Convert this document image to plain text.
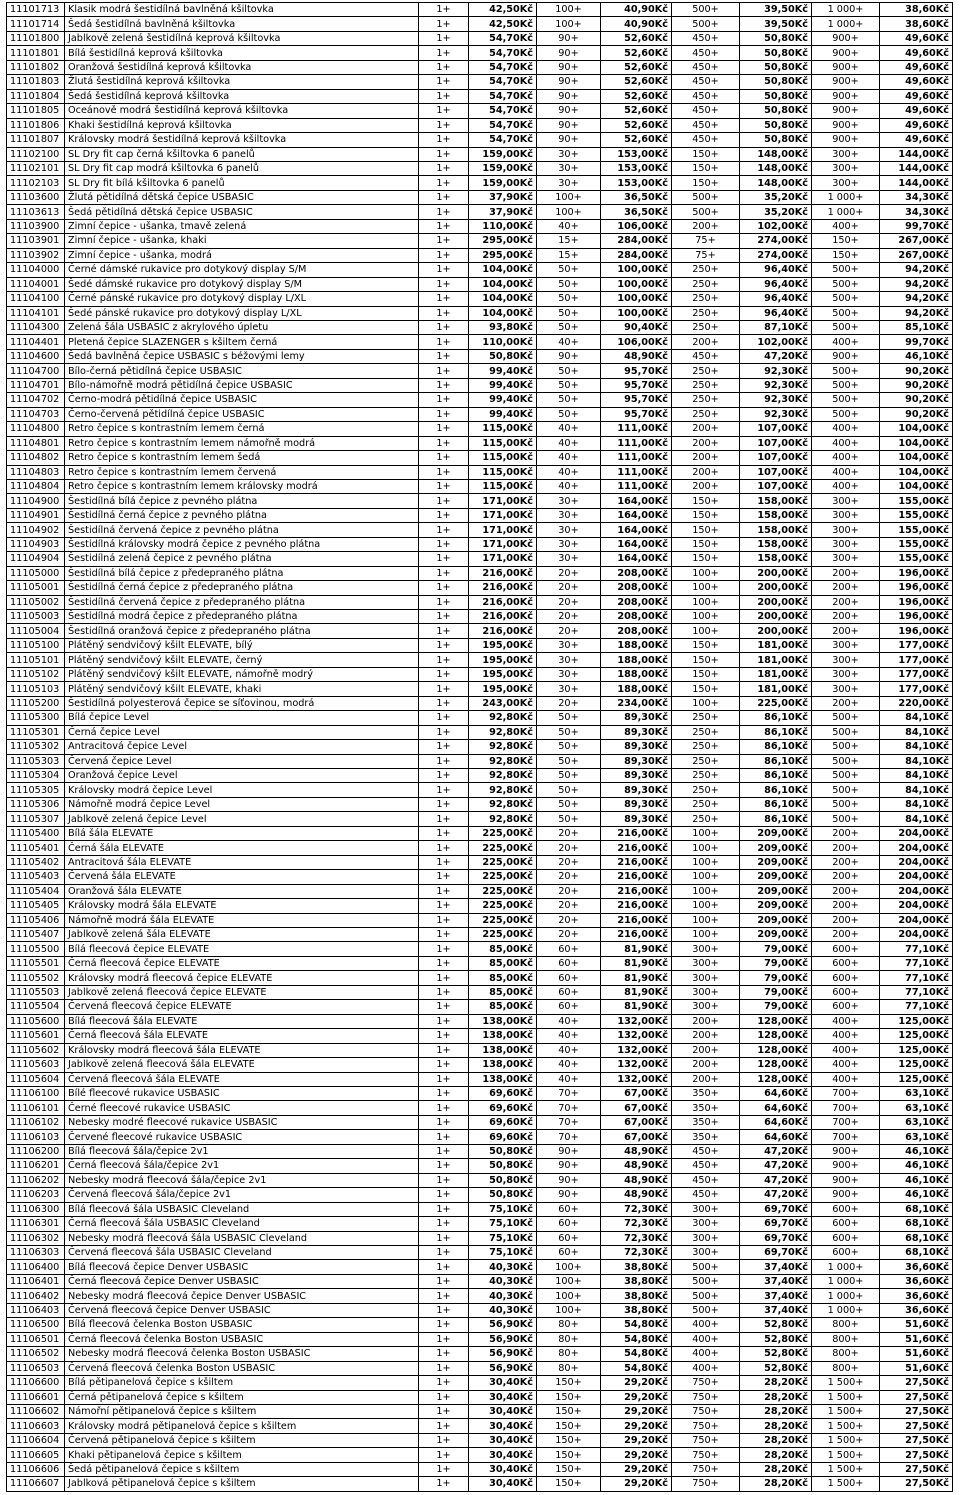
11101713	Klasik modrá šestidílná bavlněná kšiltovka	1+	42,50Kč	100+	40,90Kč	500+	39,50Kč	1 000+	38,60Kč
11101714	Šedá šestidílná bavlněná kšiltovka	1+	42,50Kč	100+	40,90Kč	500+	39,50Kč	1 000+	38,60Kč
11101800	Jablkově zelená šestidílná keprová kšiltovka	1+	54,70Kč	90+	52,60Kč	450+	50,80Kč	900+	49,60Kč
11101801	Bílá šestidílná keprová kšiltovka	1+	54,70Kč	90+	52,60Kč	450+	50,80Kč	900+	49,60Kč
11101802	Oranžová šestidílná keprová kšiltovka	1+	54,70Kč	90+	52,60Kč	450+	50,80Kč	900+	49,60Kč
11101803	Žlutá šestidílná keprová kšiltovka	1+	54,70Kč	90+	52,60Kč	450+	50,80Kč	900+	49,60Kč
11101804	Šedá šestidílná keprová kšiltovka	1+	54,70Kč	90+	52,60Kč	450+	50,80Kč	900+	49,60Kč
11101805	Oceánově modrá šestidílná keprová kšiltovka	1+	54,70Kč	90+	52,60Kč	450+	50,80Kč	900+	49,60Kč
11101806	Khaki šestidílná keprová kšiltovka	1+	54,70Kč	90+	52,60Kč	450+	50,80Kč	900+	49,60Kč
11101807	Královsky modrá šestidílná keprová kšiltovka	1+	54,70Kč	90+	52,60Kč	450+	50,80Kč	900+	49,60Kč
11102100	SL Dry fit cap černá kšiltovka 6 panelů	1+	159,00Kč	30+	153,00Kč	150+	148,00Kč	300+	144,00Kč
11102101	SL Dry fit cap modrá kšiltovka 6 panelů	1+	159,00Kč	30+	153,00Kč	150+	148,00Kč	300+	144,00Kč
11102103	SL Dry fit bílá kšiltovka 6 panelů	1+	159,00Kč	30+	153,00Kč	150+	148,00Kč	300+	144,00Kč
11103600	Žlutá pětidílná dětská čepice USBASIC	1+	37,90Kč	100+	36,50Kč	500+	35,20Kč	1 000+	34,30Kč
11103613	Šedá pětidílná dětská čepice USBASIC	1+	37,90Kč	100+	36,50Kč	500+	35,20Kč	1 000+	34,30Kč
11103900	Zimní čepice - ušanka, tmavě zelená	1+	110,00Kč	40+	106,00Kč	200+	102,00Kč	400+	99,70Kč
11103901	Zimní čepice - ušanka, khaki	1+	295,00Kč	15+	284,00Kč	75+	274,00Kč	150+	267,00Kč
11103902	Zimní čepice - ušanka, modrá	1+	295,00Kč	15+	284,00Kč	75+	274,00Kč	150+	267,00Kč
11104000	Černé dámské rukavice pro dotykový display S/M	1+	104,00Kč	50+	100,00Kč	250+	96,40Kč	500+	94,20Kč
11104001	Šedé dámské rukavice pro dotykový display S/M	1+	104,00Kč	50+	100,00Kč	250+	96,40Kč	500+	94,20Kč
11104100	Černé pánské rukavice pro dotykový display L/XL	1+	104,00Kč	50+	100,00Kč	250+	96,40Kč	500+	94,20Kč
11104101	Šedé pánské rukavice pro dotykový display L/XL	1+	104,00Kč	50+	100,00Kč	250+	96,40Kč	500+	94,20Kč
11104300	Zelená šála USBASIC z akrylového úpletu	1+	93,80Kč	50+	90,40Kč	250+	87,10Kč	500+	85,10Kč
11104401	Pletená čepice SLAZENGER s kšiltem černá	1+	110,00Kč	40+	106,00Kč	200+	102,00Kč	400+	99,70Kč
11104600	Šedá bavlněná čepice USBASIC s béžovými lemy	1+	50,80Kč	90+	48,90Kč	450+	47,20Kč	900+	46,10Kč
11104700	Bílo-černá pětidílná čepice USBASIC	1+	99,40Kč	50+	95,70Kč	250+	92,30Kč	500+	90,20Kč
11104701	Bílo-námořně modrá pětidílná čepice USBASIC	1+	99,40Kč	50+	95,70Kč	250+	92,30Kč	500+	90,20Kč
11104702	Černo-modrá pětidílná čepice USBASIC	1+	99,40Kč	50+	95,70Kč	250+	92,30Kč	500+	90,20Kč
11104703	Černo-červená pětidílná čepice USBASIC	1+	99,40Kč	50+	95,70Kč	250+	92,30Kč	500+	90,20Kč
11104800	Retro čepice s kontrastním lemem černá	1+	115,00Kč	40+	111,00Kč	200+	107,00Kč	400+	104,00Kč
11104801	Retro čepice s kontrastním lemem námořně modrá	1+	115,00Kč	40+	111,00Kč	200+	107,00Kč	400+	104,00Kč
11104802	Retro čepice s kontrastním lemem šedá	1+	115,00Kč	40+	111,00Kč	200+	107,00Kč	400+	104,00Kč
11104803	Retro čepice s kontrastním lemem červená	1+	115,00Kč	40+	111,00Kč	200+	107,00Kč	400+	104,00Kč
11104804	Retro čepice s kontrastním lemem královsky modrá	1+	115,00Kč	40+	111,00Kč	200+	107,00Kč	400+	104,00Kč
11104900	Šestidílná bílá čepice z pevného plátna	1+	171,00Kč	30+	164,00Kč	150+	158,00Kč	300+	155,00Kč
11104901	Šestidílná černá čepice z pevného plátna	1+	171,00Kč	30+	164,00Kč	150+	158,00Kč	300+	155,00Kč
11104902	Šestidílná červená čepice z pevného plátna	1+	171,00Kč	30+	164,00Kč	150+	158,00Kč	300+	155,00Kč
11104903	Šestidílná královsky modrá čepice z pevného plátna	1+	171,00Kč	30+	164,00Kč	150+	158,00Kč	300+	155,00Kč
11104904	Šestidílná zelená čepice z pevného plátna	1+	171,00Kč	30+	164,00Kč	150+	158,00Kč	300+	155,00Kč
11105000	Šestidílná bílá čepice z předepraného plátna	1+	216,00Kč	20+	208,00Kč	100+	200,00Kč	200+	196,00Kč
11105001	Šestidílná černá čepice z předepraného plátna	1+	216,00Kč	20+	208,00Kč	100+	200,00Kč	200+	196,00Kč
11105002	Šestidílná červená čepice z předepraného plátna	1+	216,00Kč	20+	208,00Kč	100+	200,00Kč	200+	196,00Kč
11105003	Šestidílná modrá čepice z předepraného plátna	1+	216,00Kč	20+	208,00Kč	100+	200,00Kč	200+	196,00Kč
11105004	Šestidílná oranžová čepice z předepraného plátna	1+	216,00Kč	20+	208,00Kč	100+	200,00Kč	200+	196,00Kč
11105100	Plátěný sendvičový kšilt ELEVATE, bílý	1+	195,00Kč	30+	188,00Kč	150+	181,00Kč	300+	177,00Kč
11105101	Plátěný sendvičový kšilt ELEVATE, černý	1+	195,00Kč	30+	188,00Kč	150+	181,00Kč	300+	177,00Kč
11105102	Plátěný sendvičový kšilt ELEVATE, námořně modrý	1+	195,00Kč	30+	188,00Kč	150+	181,00Kč	300+	177,00Kč
11105103	Plátěný sendvičový kšilt ELEVATE, khaki	1+	195,00Kč	30+	188,00Kč	150+	181,00Kč	300+	177,00Kč
11105200	Šestidílná polyesterová čepice se síťovinou, modrá	1+	243,00Kč	20+	234,00Kč	100+	225,00Kč	200+	220,00Kč
11105300	Bílá čepice Level	1+	92,80Kč	50+	89,30Kč	250+	86,10Kč	500+	84,10Kč
11105301	Černá čepice Level	1+	92,80Kč	50+	89,30Kč	250+	86,10Kč	500+	84,10Kč
11105302	Antracitová čepice Level	1+	92,80Kč	50+	89,30Kč	250+	86,10Kč	500+	84,10Kč
11105303	Červená čepice Level	1+	92,80Kč	50+	89,30Kč	250+	86,10Kč	500+	84,10Kč
11105304	Oranžová čepice Level	1+	92,80Kč	50+	89,30Kč	250+	86,10Kč	500+	84,10Kč
11105305	Královsky modrá čepice Level	1+	92,80Kč	50+	89,30Kč	250+	86,10Kč	500+	84,10Kč
11105306	Námořně modrá čepice Level	1+	92,80Kč	50+	89,30Kč	250+	86,10Kč	500+	84,10Kč
11105307	Jablkově zelená čepice Level	1+	92,80Kč	50+	89,30Kč	250+	86,10Kč	500+	84,10Kč
11105400	Bílá šála ELEVATE	1+	225,00Kč	20+	216,00Kč	100+	209,00Kč	200+	204,00Kč
11105401	Černá šála ELEVATE	1+	225,00Kč	20+	216,00Kč	100+	209,00Kč	200+	204,00Kč
11105402	Antracitová šála ELEVATE	1+	225,00Kč	20+	216,00Kč	100+	209,00Kč	200+	204,00Kč
11105403	Červená šála ELEVATE	1+	225,00Kč	20+	216,00Kč	100+	209,00Kč	200+	204,00Kč
11105404	Oranžová šála ELEVATE	1+	225,00Kč	20+	216,00Kč	100+	209,00Kč	200+	204,00Kč
11105405	Královsky modrá šála ELEVATE	1+	225,00Kč	20+	216,00Kč	100+	209,00Kč	200+	204,00Kč
11105406	Námořně modrá šála ELEVATE	1+	225,00Kč	20+	216,00Kč	100+	209,00Kč	200+	204,00Kč
11105407	Jablkově zelená šála ELEVATE	1+	225,00Kč	20+	216,00Kč	100+	209,00Kč	200+	204,00Kč
11105500	Bílá fleecová čepice ELEVATE	1+	85,00Kč	60+	81,90Kč	300+	79,00Kč	600+	77,10Kč
11105501	Černá fleecová čepice ELEVATE	1+	85,00Kč	60+	81,90Kč	300+	79,00Kč	600+	77,10Kč
11105502	Královsky modrá fleecová čepice ELEVATE	1+	85,00Kč	60+	81,90Kč	300+	79,00Kč	600+	77,10Kč
11105503	Jablkově zelená fleecová čepice ELEVATE	1+	85,00Kč	60+	81,90Kč	300+	79,00Kč	600+	77,10Kč
11105504	Červená fleecová čepice ELEVATE	1+	85,00Kč	60+	81,90Kč	300+	79,00Kč	600+	77,10Kč
11105600	Bílá fleecová šála ELEVATE	1+	138,00Kč	40+	132,00Kč	200+	128,00Kč	400+	125,00Kč
11105601	Černá fleecová šála ELEVATE	1+	138,00Kč	40+	132,00Kč	200+	128,00Kč	400+	125,00Kč
11105602	Královsky modrá fleecová šála ELEVATE	1+	138,00Kč	40+	132,00Kč	200+	128,00Kč	400+	125,00Kč
11105603	Jablkově zelená fleecová šála ELEVATE	1+	138,00Kč	40+	132,00Kč	200+	128,00Kč	400+	125,00Kč
11105604	Červená fleecová šála ELEVATE	1+	138,00Kč	40+	132,00Kč	200+	128,00Kč	400+	125,00Kč
11106100	Bílé fleecové rukavice USBASIC	1+	69,60Kč	70+	67,00Kč	350+	64,60Kč	700+	63,10Kč
11106101	Černé fleecové rukavice USBASIC	1+	69,60Kč	70+	67,00Kč	350+	64,60Kč	700+	63,10Kč
11106102	Nebesky modré fleecové rukavice USBASIC	1+	69,60Kč	70+	67,00Kč	350+	64,60Kč	700+	63,10Kč
11106103	Červené fleecové rukavice USBASIC	1+	69,60Kč	70+	67,00Kč	350+	64,60Kč	700+	63,10Kč
11106200	Bílá fleecová šála/čepice 2v1	1+	50,80Kč	90+	48,90Kč	450+	47,20Kč	900+	46,10Kč
11106201	Černá fleecová šála/čepice 2v1	1+	50,80Kč	90+	48,90Kč	450+	47,20Kč	900+	46,10Kč
11106202	Nebesky modrá fleecová šála/čepice 2v1	1+	50,80Kč	90+	48,90Kč	450+	47,20Kč	900+	46,10Kč
11106203	Červená fleecová šála/čepice 2v1	1+	50,80Kč	90+	48,90Kč	450+	47,20Kč	900+	46,10Kč
11106300	Bílá fleecová šála USBASIC Cleveland	1+	75,10Kč	60+	72,30Kč	300+	69,70Kč	600+	68,10Kč
11106301	Černá fleecová šála USBASIC Cleveland	1+	75,10Kč	60+	72,30Kč	300+	69,70Kč	600+	68,10Kč
11106302	Nebesky modrá fleecová šála USBASIC Cleveland	1+	75,10Kč	60+	72,30Kč	300+	69,70Kč	600+	68,10Kč
11106303	Červená fleecová šála USBASIC Cleveland	1+	75,10Kč	60+	72,30Kč	300+	69,70Kč	600+	68,10Kč
11106400	Bílá fleecová čepice Denver USBASIC	1+	40,30Kč	100+	38,80Kč	500+	37,40Kč	1 000+	36,60Kč
11106401	Černá fleecová čepice Denver USBASIC	1+	40,30Kč	100+	38,80Kč	500+	37,40Kč	1 000+	36,60Kč
11106402	Nebesky modrá fleecová čepice Denver USBASIC	1+	40,30Kč	100+	38,80Kč	500+	37,40Kč	1 000+	36,60Kč
11106403	Červená fleecová čepice Denver USBASIC	1+	40,30Kč	100+	38,80Kč	500+	37,40Kč	1 000+	36,60Kč
11106500	Bílá fleecová čelenka Boston USBASIC	1+	56,90Kč	80+	54,80Kč	400+	52,80Kč	800+	51,60Kč
11106501	Černá fleecová čelenka Boston USBASIC	1+	56,90Kč	80+	54,80Kč	400+	52,80Kč	800+	51,60Kč
11106502	Nebesky modrá fleecová čelenka Boston USBASIC	1+	56,90Kč	80+	54,80Kč	400+	52,80Kč	800+	51,60Kč
11106503	Červená fleecová čelenka Boston USBASIC	1+	56,90Kč	80+	54,80Kč	400+	52,80Kč	800+	51,60Kč
11106600	Bílá pětipanelová čepice s kšiltem	1+	30,40Kč	150+	29,20Kč	750+	28,20Kč	1 500+	27,50Kč
11106601	Černá pětipanelová čepice s kšiltem	1+	30,40Kč	150+	29,20Kč	750+	28,20Kč	1 500+	27,50Kč
11106602	Námořní pětipanelová čepice s kšiltem	1+	30,40Kč	150+	29,20Kč	750+	28,20Kč	1 500+	27,50Kč
11106603	Královsky modrá pětipanelová čepice s kšiltem	1+	30,40Kč	150+	29,20Kč	750+	28,20Kč	1 500+	27,50Kč
11106604	Červená pětipanelová čepice s kšiltem	1+	30,40Kč	150+	29,20Kč	750+	28,20Kč	1 500+	27,50Kč
11106605	Khaki pětipanelová čepice s kšiltem	1+	30,40Kč	150+	29,20Kč	750+	28,20Kč	1 500+	27,50Kč
11106606	Šedá pětipanelová čepice s kšiltem	1+	30,40Kč	150+	29,20Kč	750+	28,20Kč	1 500+	27,50Kč
11106607	Jablková pětipanelová čepice s kšiltem	1+	30,40Kč	150+	29,20Kč	750+	28,20Kč	1 500+	27,50Kč
